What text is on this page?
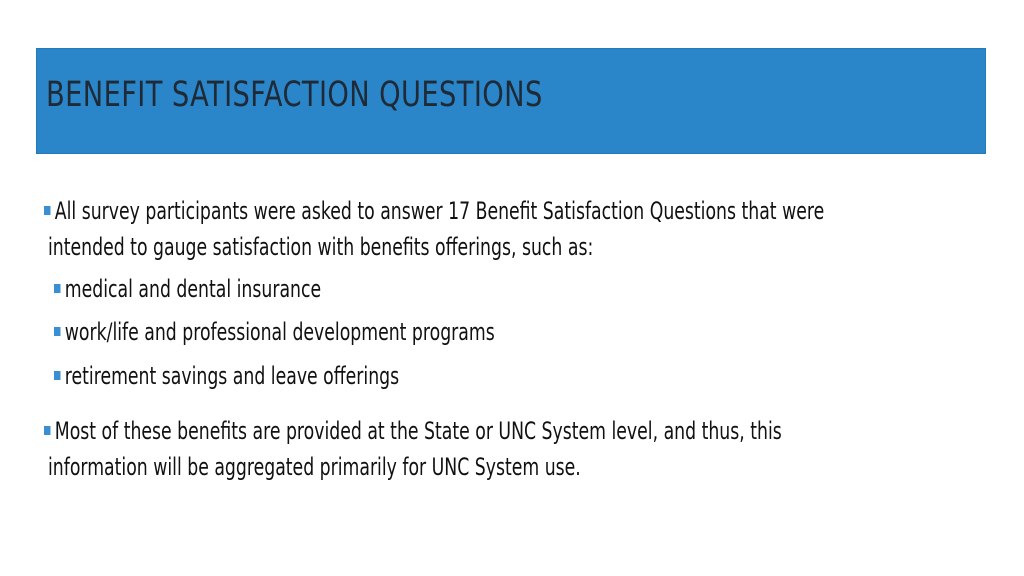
BENEFIT SATISFACTION QUESTIONS
All survey participants were asked to answer 17 Benefit Satisfaction Questions that were
intended to gauge satisfaction with benefits offerings, such as:
medical and dental insurance
work/life and professional development programs
retirement savings and leave offerings
Most of these benefits are provided at the State or UNC System level, and thus, this
information will be aggregated primarily for UNC System use.
